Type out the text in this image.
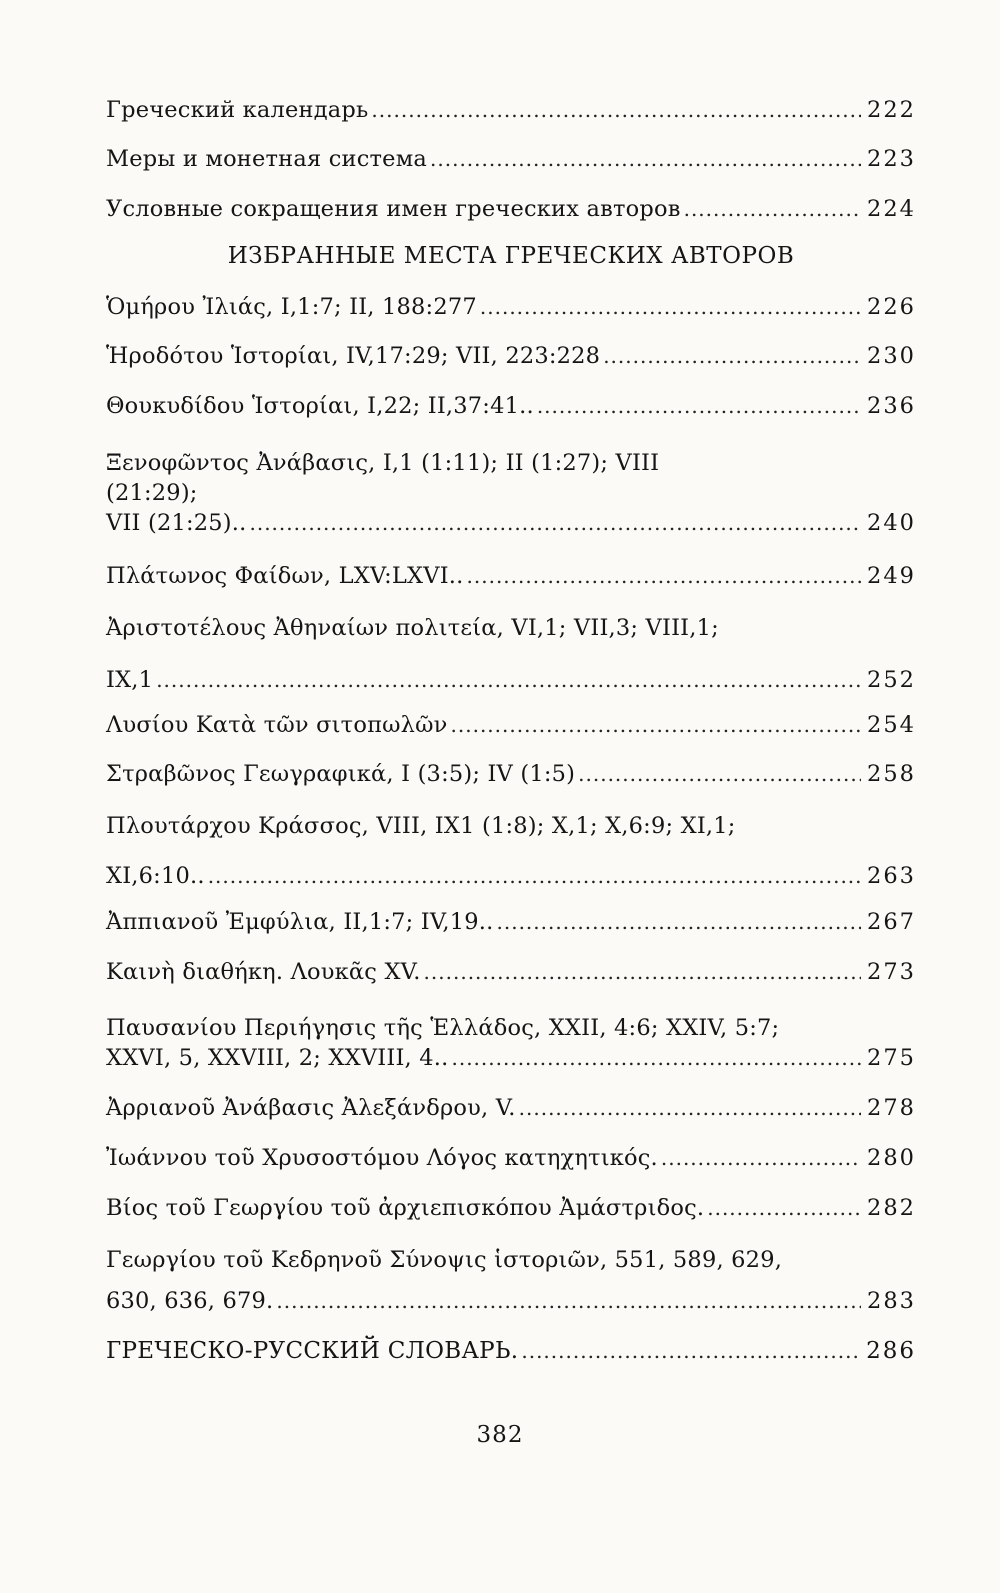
Греческий календарь .....	222
Меры и монетная система .....	223
Условные сокращения имен греческих авторов .....	224
ИЗБРАННЫЕ МЕСТА ГРЕЧЕСКИХ АВТОРОВ
Ὁμήρου Ἰλιάς, Ι,1:7; ΙΙ, 188:277 .....	226
Ἡροδότου Ἱστορίαι, IV,17:29; VII, 223:228 .....	230
Θουκυδίδου Ἱστορίαι, Ι,22; ΙΙ,37:41.. .....	236
Ξενοφῶντος Ἀνάβασις, Ι,1 (1:11); ΙΙ (1:27); VIII
(21:29);
VII (21:25).. .....	240
Πλάτωνος Φαίδων, LXV:LXVI.. .....	249
Ἀριστοτέλους Ἀθηναίων πολιτεία, VI,1; VII,3; VIII,1;
IX,1 .....	252
Λυσίου Κατὰ τῶν σιτοπωλῶν .....	254
Στραβῶνος Γεωγραφικά, Ι (3:5); IV (1:5) .....	258
Πλουτάρχου Κράσσος, VIII, IX1 (1:8); X,1; X,6:9; XI,1;
XI,6:10.. .....	263
Ἀππιανοῦ Ἐμφύλια, ΙΙ,1:7; IV,19.. .....	267
Καινὴ διαθήκη. Λουκᾶς XV. .....	273
Παυσανίου Περιήγησις τῆς Ἑλλάδος, XXII, 4:6; XXIV, 5:7;
XXVI, 5, XXVIII, 2; XXVIII, 4.. .....	275
Ἀρριανοῦ Ἀνάβασις Ἀλεξάνδρου, V. .....	278
Ἰωάννου τοῦ Χρυσοστόμου Λόγος κατηχητικός. .....	280
Βίος τοῦ Γεωργίου τοῦ ἀρχιεπισκόπου Ἀμάστριδος. .....	282
Γεωργίου τοῦ Κεδρηνοῦ Σύνοψις ἱστοριῶν, 551, 589, 629,
630, 636, 679. .....	283
ГРЕЧЕСКО-РУССКИЙ СЛОВАРЬ. .....	286
382
